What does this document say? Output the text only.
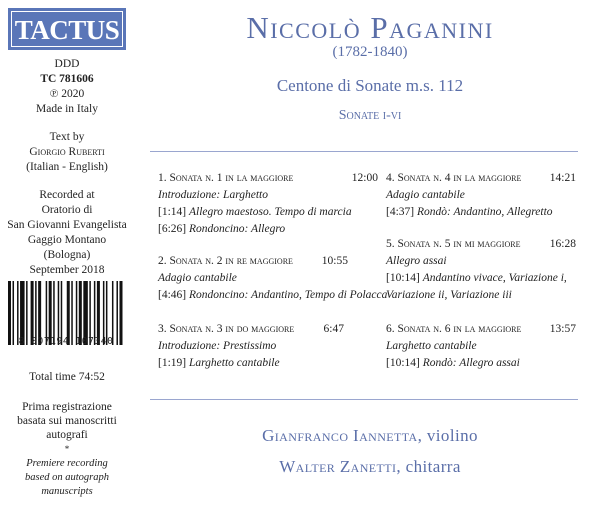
TACTUS
DDD
TC 781606
℗ 2020
Made in Italy
Text by
Giorgio Ruberti
(Italian - English)
Recorded at
Oratorio di
San Giovanni Evangelista
Gaggio Montano
(Bologna)
September 2018
8 007194 107340
Total time 74:52
Prima registrazione
basata sui manoscritti
autografi
*
Premiere recording
based on autograph
manuscripts
Niccolò Paganini
(1782-1840)
Centone di Sonate m.s. 112
Sonate i-vi
1. Sonata n. 1 in la maggiore	12:00
Introduzione: Larghetto
[1:14] Allegro maestoso. Tempo di marcia
[6:26] Rondoncino: Allegro
2. Sonata n. 2 in re maggiore	10:55
Adagio cantabile
[4:46] Rondoncino: Andantino, Tempo di Polacca
3. Sonata n. 3 in do maggiore	6:47
Introduzione: Prestissimo
[1:19] Larghetto cantabile
4. Sonata n. 4 in la maggiore 14:21
Adagio cantabile
[4:37] Rondò: Andantino, Allegretto
5. Sonata n. 5 in mi maggiore	16:28
Allegro assai
[10:14] Andantino vivace, Variazione i,
Variazione ii, Variazione iii
6. Sonata n. 6 in la maggiore 13:57
Larghetto cantabile
[10:14] Rondò: Allegro assai
Gianfranco Iannetta, violino
Walter Zanetti, chitarra
